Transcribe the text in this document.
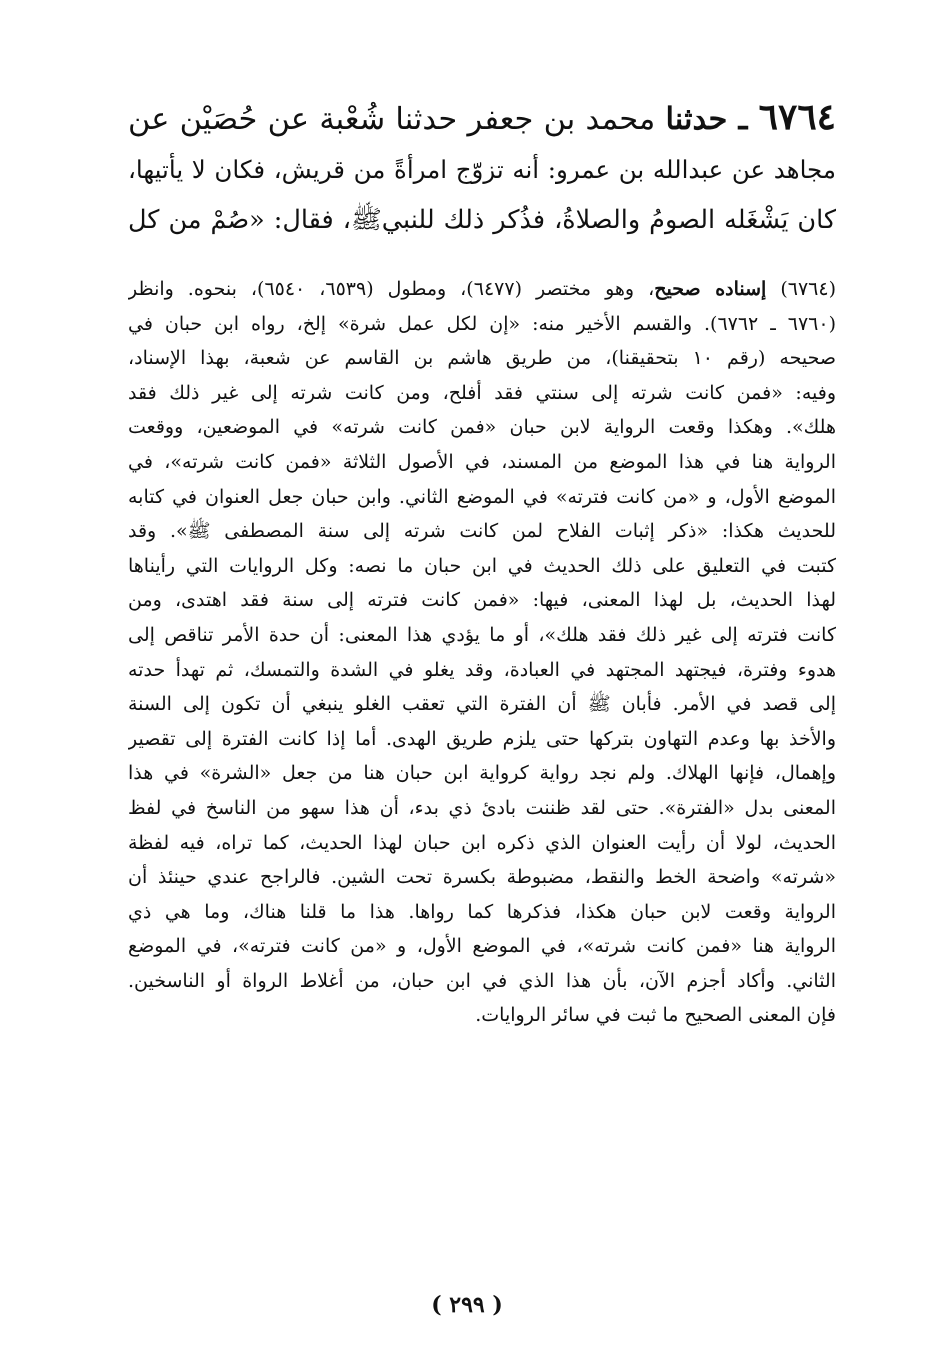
٦٧٦٤ ـ حدثنا محمد بن جعفر حدثنا شُعْبة عن حُصَيْن عن
مجاهد عن عبدالله بن عمرو: أنه تزوّج امرأةً من قريش، فكان لا يأتيها،
كان يَشْغَله الصومُ والصلاةُ، فذُكر ذلك للنبيﷺ، فقال: «صُمْ من كل
(٦٧٦٤) إسناده صحيح، وهو مختصر (٦٤٧٧)، ومطول (٦٥٣٩، ٦٥٤٠)، بنحوه. وانظر
(٦٧٦٠ ـ ٦٧٦٢). والقسم الأخير منه: «إن لكل عمل شرة» إلخ، رواه ابن حبان في
صحيحه (رقم ١٠ بتحقيقنا)، من طريق هاشم بن القاسم عن شعبة، بهذا الإسناد،
وفيه: «فمن كانت شرته إلى سنتي فقد أفلح، ومن كانت شرته إلى غير ذلك فقد
هلك». وهكذا وقعت الرواية لابن حبان «فمن كانت شرته» في الموضعين، ووقعت
الرواية هنا في هذا الموضع من المسند، في الأصول الثلاثة «فمن كانت شرته»، في
الموضع الأول، و «من كانت فترته» في الموضع الثاني. وابن حبان جعل العنوان في كتابه
للحديث هكذا: «ذكر إثبات الفلاح لمن كانت شرته إلى سنة المصطفى ﷺ». وقد
كتبت في التعليق على ذلك الحديث في ابن حبان ما نصه: وكل الروايات التي رأيناها
لهذا الحديث، بل لهذا المعنى، فيها: «فمن كانت فترته إلى سنة فقد اهتدى، ومن
كانت فترته إلى غير ذلك فقد هلك»، أو ما يؤدي هذا المعنى: أن حدة الأمر تناقص إلى
هدوء وفترة، فيجتهد المجتهد في العبادة، وقد يغلو في الشدة والتمسك، ثم تهدأ حدته
إلى قصد في الأمر. فأبان ﷺ أن الفترة التي تعقب الغلو ينبغي أن تكون إلى السنة
والأخذ بها وعدم التهاون بتركها حتى يلزم طريق الهدى. أما إذا كانت الفترة إلى تقصير
وإهمال، فإنها الهلاك. ولم نجد رواية كرواية ابن حبان هنا من جعل «الشرة» في هذا
المعنى بدل «الفترة». حتى لقد ظننت بادئ ذي بدء، أن هذا سهو من الناسخ في لفظ
الحديث، لولا أن رأيت العنوان الذي ذكره ابن حبان لهذا الحديث، كما تراه، فيه لفظة
«شرته» واضحة الخط والنقط، مضبوطة بكسرة تحت الشين. فالراجح عندي حينئذ أن
الرواية وقعت لابن حبان هكذا، فذكرها كما رواها. هذا ما قلنا هناك، وما هي ذي
الرواية هنا «فمن كانت شرته»، في الموضع الأول، و «من كانت فترته»، في الموضع
الثاني. وأكاد أجزم الآن، بأن هذا الذي في ابن حبان، من أغلاط الرواة أو الناسخين.
فإن المعنى الصحيح ما ثبت في سائر الروايات.
( ٢٩٩ )
